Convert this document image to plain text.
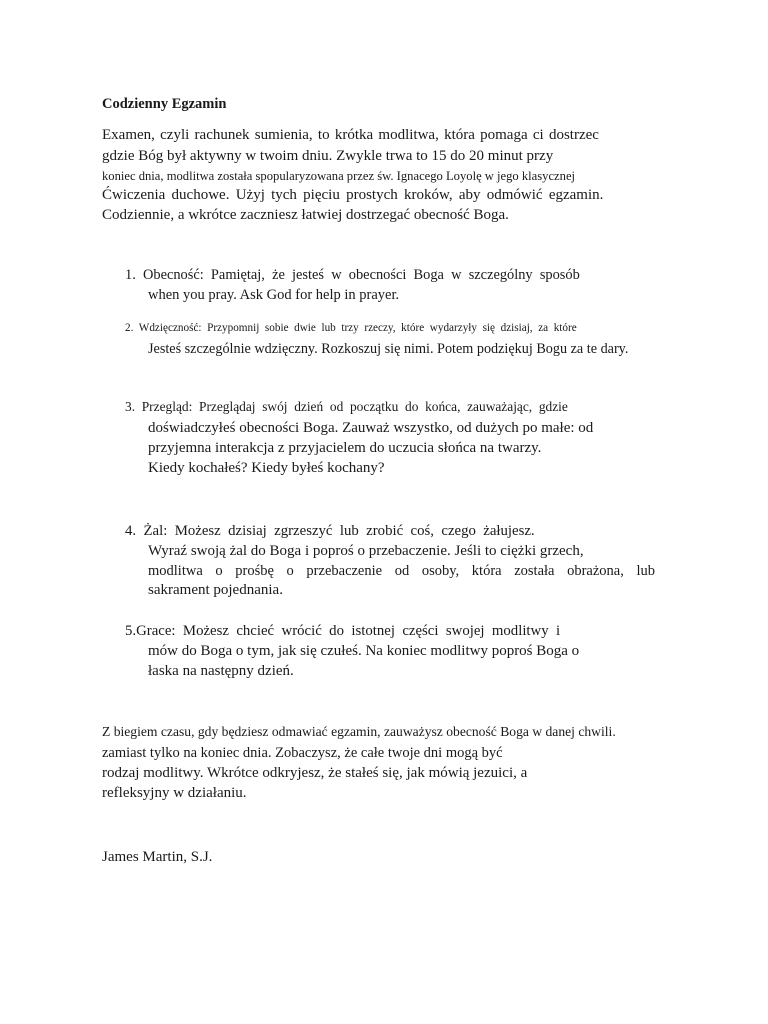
Codzienny Egzamin

Examen, czyli rachunek sumienia, to krótka modlitwa, która pomaga ci dostrzec

gdzie Bóg był aktywny w twoim dniu. Zwykle trwa to 15 do 20 minut przy

koniec dnia, modlitwa została spopularyzowana przez św. Ignacego Loyolę w jego klasycznej

Ćwiczenia duchowe. Użyj tych pięciu prostych kroków, aby odmówić egzamin.

Codziennie, a wkrótce zaczniesz łatwiej dostrzegać obecność Boga.

1.  Obecność:  Pamiętaj,  że  jesteś  w  obecności  Boga  w  szczególny  sposób

when you pray. Ask God for help in prayer.

2.  Wdzięczność:  Przypomnij  sobie  dwie  lub  trzy  rzeczy,  które  wydarzyły  się  dzisiaj,  za  które

Jesteś szczególnie wdzięczny. Rozkoszuj się nimi. Potem podziękuj Bogu za te dary.

3.  Przegląd:  Przeglądaj  swój  dzień  od  początku  do  końca,  zauważając,  gdzie

doświadczyłeś obecności Boga. Zauważ wszystko, od dużych po małe: od

przyjemna interakcja z przyjacielem do uczucia słońca na twarzy.

Kiedy kochałeś? Kiedy byłeś kochany?

4.  Żal:  Możesz  dzisiaj  zgrzeszyć  lub  zrobić  coś,  czego  żałujesz.

Wyraź swoją żal do Boga i poproś o przebaczenie. Jeśli to ciężki grzech,

modlitwa o prośbę o przebaczenie od osoby, która została obrażona, lub

sakrament pojednania.

5.Grace:  Możesz  chcieć  wrócić  do  istotnej  części  swojej  modlitwy  i

mów do Boga o tym, jak się czułeś. Na koniec modlitwy poproś Boga o

łaska na następny dzień.

Z biegiem czasu, gdy będziesz odmawiać egzamin, zauważysz obecność Boga w danej chwili.

zamiast tylko na koniec dnia. Zobaczysz, że całe twoje dni mogą być

rodzaj modlitwy. Wkrótce odkryjesz, że stałeś się, jak mówią jezuici, a

refleksyjny w działaniu.

James Martin, S.J.
